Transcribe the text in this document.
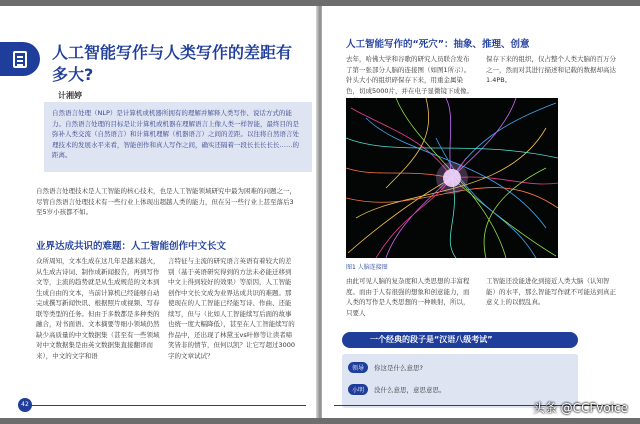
人工智能写作与人类写作的差距有多大?
计湘婷
自然语言处理（NLP）是计算机或机器所拥有的理解并解释人类写作、说话方式的能力。自然语言处理的目标是让计算机或机器在理解语言上像人类一样智能，最终目的是弥补人类交流（自然语言）和计算机理解（机器语言）之间的差距。以往将自然语言处理技术的发展水平来看，智能创作和真人写作之间，确实还隔着一段长长长长长……的距离。
自然语言处理技术是人工智能的核心技术，也是人工智能领域研究中最为困难的问题之一，尽管自然语言处理技术有一些行业上体现出超越人类的能力，但在另一些行业上甚至落后3至5岁小孩都不如。
业界达成共识的难题：人工智能创作中文长文
众所周知，文本生成在这几年是越来越火，从生成古诗词、制作成新闻报告，再到写作文等，主流的趋势就是从生成规范的文本到生成自由的文本，当前计算机已经能够自动完成撰写新闻快讯、根据照片或视频、写春联等类型的任务。但由于多数都是多种类的融合，对书面语、文本摘要等细小领域仍然缺少高质量的中文数据集（甚至有一些领域对中文数据集是由英文数据集直接翻译而来），中文的文字和语
言特征与主流的研究语言英语有着较大的差别（基于英语研究得到的方法未必能迁移到中文上得到较好的效果）等原因，人工智能创作中文长文成为业界达成共识的难题。那使现在的人工智能已经能写诗、作曲、还能续写，但与（比如人工智能续写后面的故事也统一度大幅降低），甚至在人工智能续写的作品中，还出现了林黛玉vs叶修等让读者啼笑皆非的情节，但何以凯？让它写超过3000字的文章试试？
42
人工智能写作的“死穴”：抽象、推理、创意
去年，哈佛大学和谷歌的研究人员联合发布了第一张部分人脑的连接图（如图1所示）。针头大小的组织碎保存下来，用重金属染色，切成5000片，并在电子显微镜下成像。
保存下来的组织，仅占整个人类大脑的百万分之一，然而对其进行描述和记载的数据却高达1.4PB。
图1 人脑连接图
由此可见人脑的复杂度和人类思想的丰富程度。而由于人有很强的想象和创意能力，而人类的写作是人类思想的一种映射，所以，只要人
工智能还没能进化到接近人类大脑（认知智能）的水平，那么智能写作就不可能达到真正意义上的以假乱真。
一个经典的段子是“汉语八级考试”
领导	你这是什么意思?
小明	没什么意思，意思意思。
头条 @CCFvoice
